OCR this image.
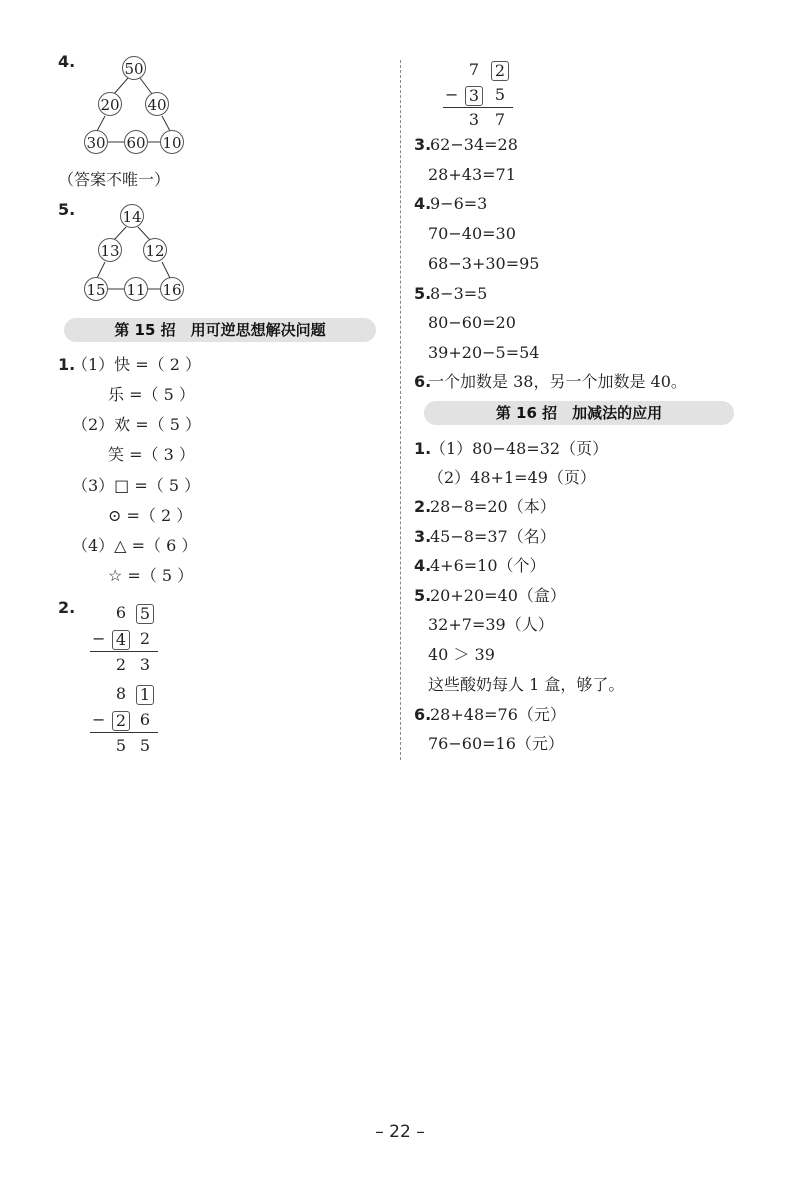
4.	50
20 40
30 60 10
（答案不唯一）
5.	14
13 12
15 11 16
第 15 招　用可逆思想解决问题
1.
（1）快 =（ 2 ）
乐 =（ 5 ）
（2）欢 =（ 5 ）
笑 =（ 3 ）
（3）□ =（ 5 ）
⊙ =（ 2 ）
（4）△ =（ 6 ）
☆ =（ 5 ）
2.	6 5
− 4 2
2 3
8 1
− 2 6
5 5
7 2
− 3 5
3 7
3.
62−34=28
28+43=71
4.
9−6=3
70−40=30
68−3+30=95
5.
8−3=5
80−60=20
39+20−5=54
6.
一个加数是 38，另一个加数是 40。
第 16 招　加减法的应用
1.
（1）80−48=32（页）
（2）48+1=49（页）
2.
28−8=20（本）
3.
45−8=37（名）
4.
4+6=10（个）
5.
20+20=40（盒）
32+7=39（人）
40 ＞ 39
这些酸奶每人 1 盒，够了。
6.
28+48=76（元）
76−60=16（元）
– 22 –
